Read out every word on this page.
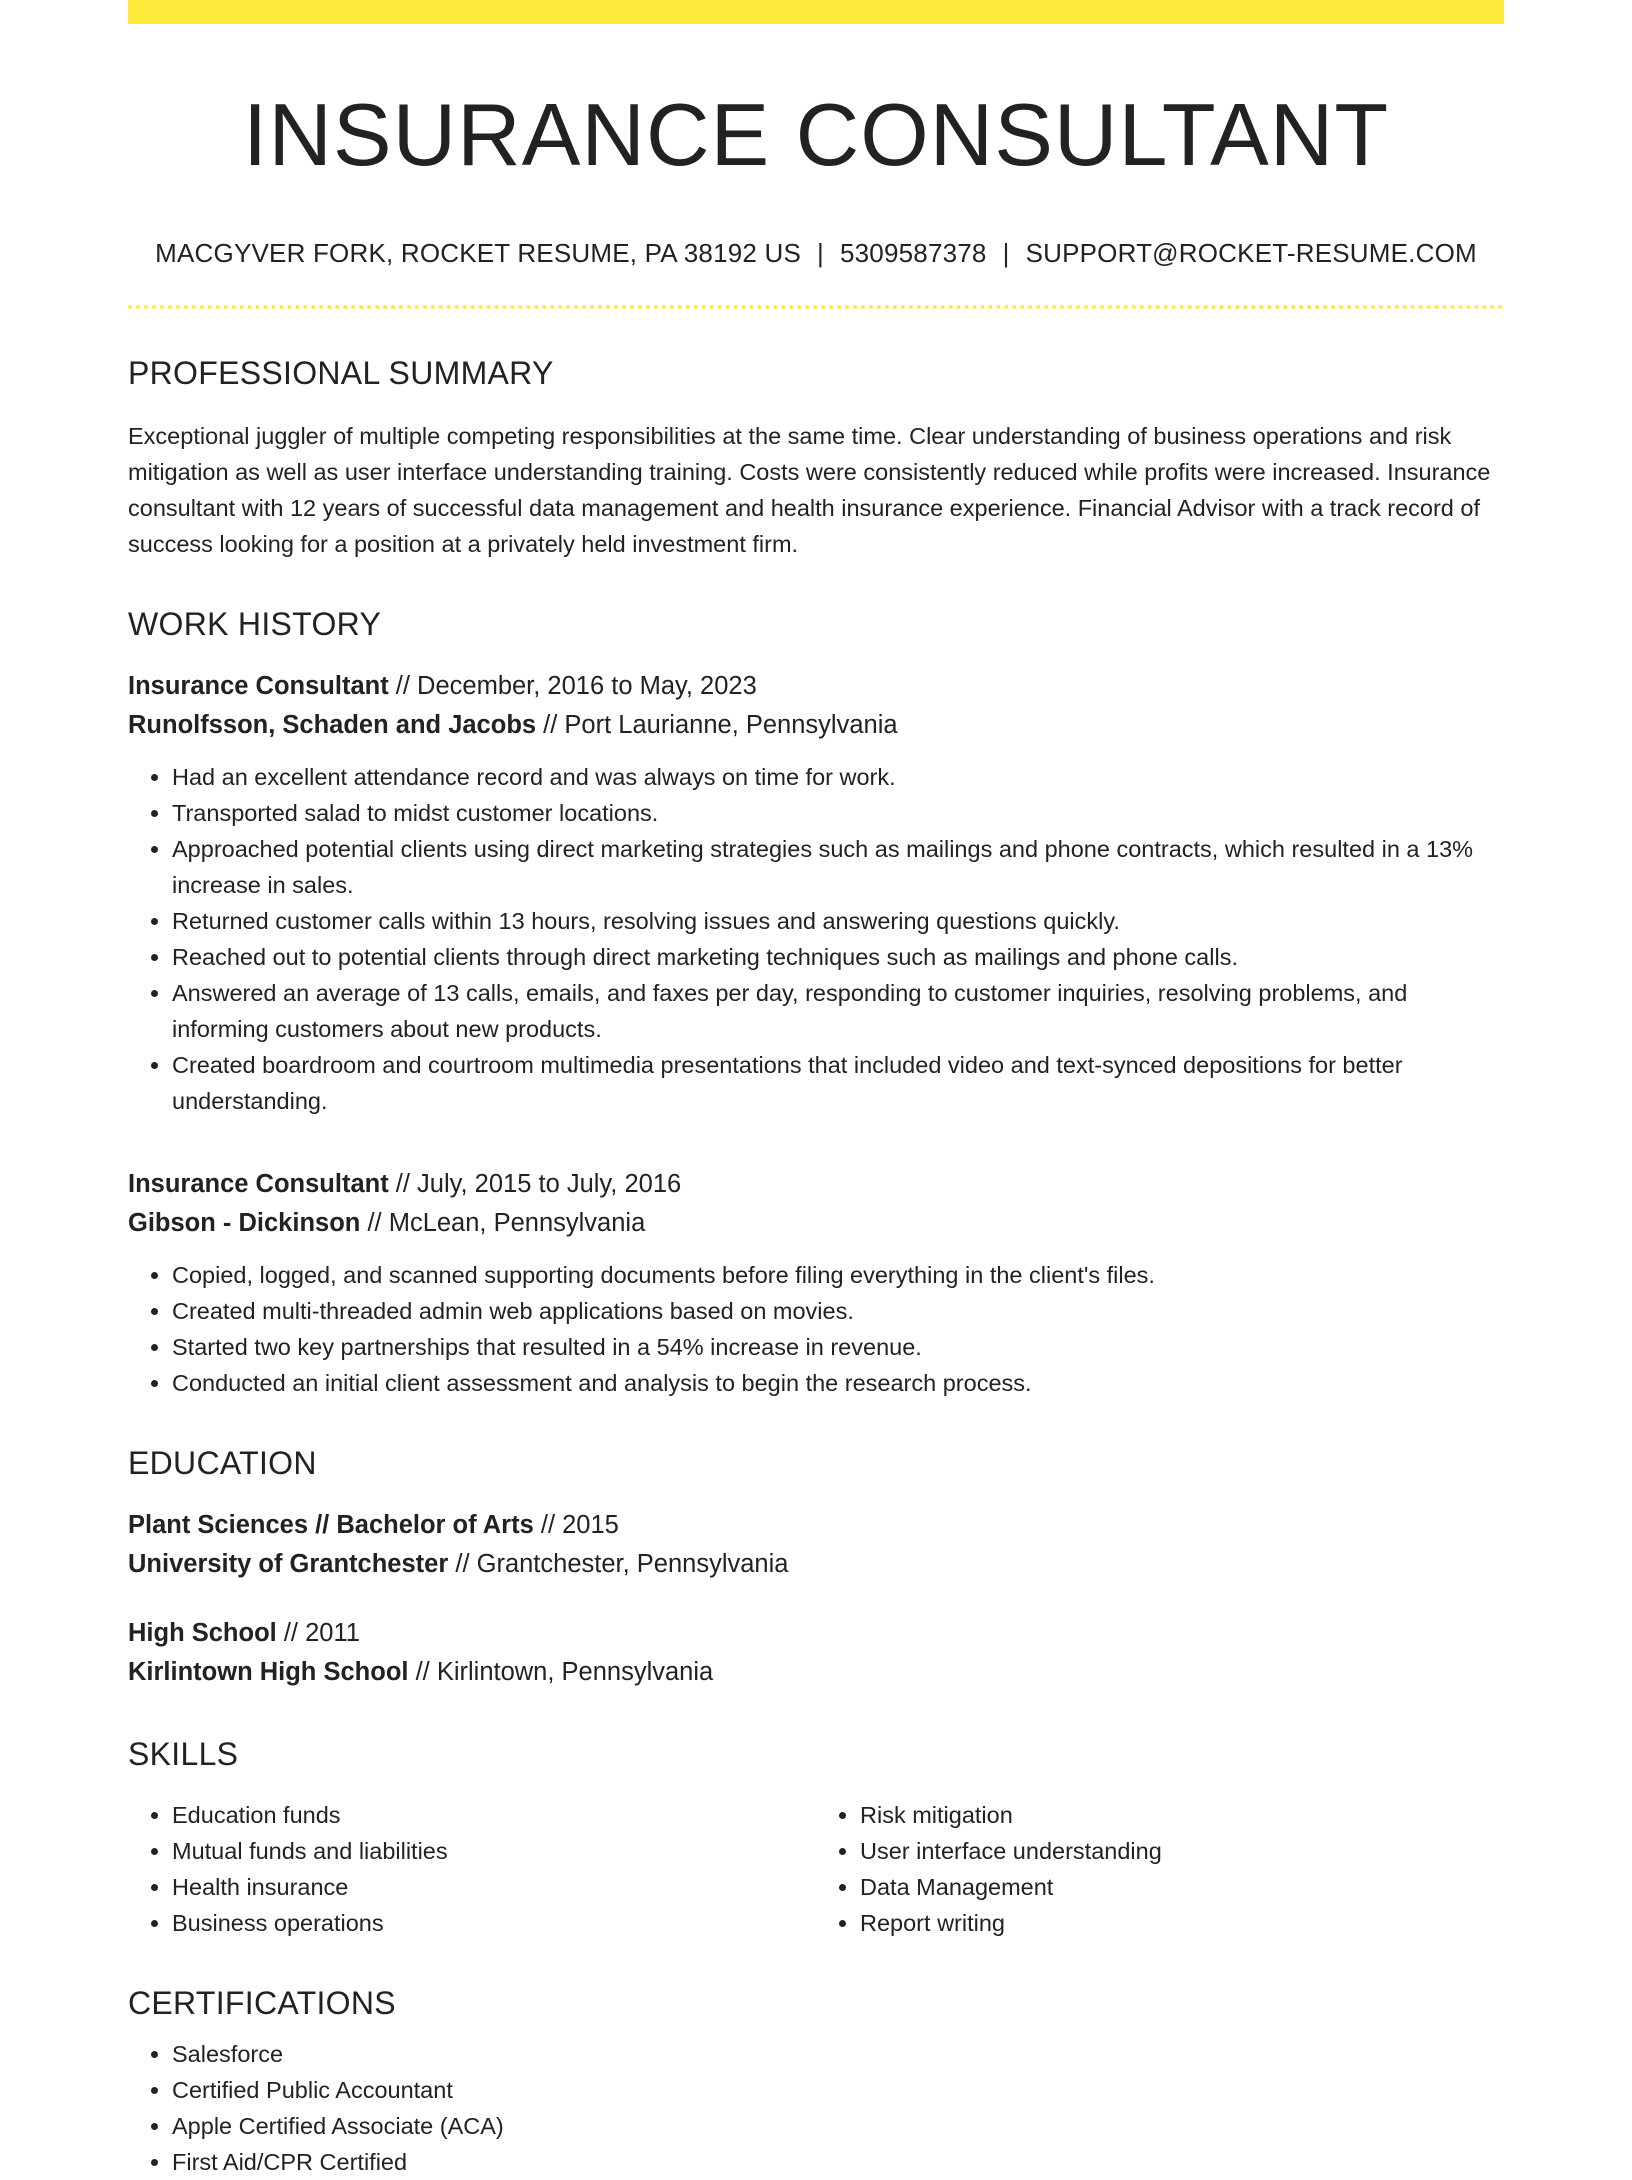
INSURANCE CONSULTANT
MACGYVER FORK, ROCKET RESUME, PA 38192 US | 5309587378 | SUPPORT@ROCKET-RESUME.COM
PROFESSIONAL SUMMARY
Exceptional juggler of multiple competing responsibilities at the same time. Clear understanding of business operations and risk mitigation as well as user interface understanding training. Costs were consistently reduced while profits were increased. Insurance consultant with 12 years of successful data management and health insurance experience. Financial Advisor with a track record of success looking for a position at a privately held investment firm.
WORK HISTORY
Insurance Consultant // December, 2016 to May, 2023
Runolfsson, Schaden and Jacobs // Port Laurianne, Pennsylvania
• Had an excellent attendance record and was always on time for work.
• Transported salad to midst customer locations.
• Approached potential clients using direct marketing strategies such as mailings and phone contracts, which resulted in a 13% increase in sales.
• Returned customer calls within 13 hours, resolving issues and answering questions quickly.
• Reached out to potential clients through direct marketing techniques such as mailings and phone calls.
• Answered an average of 13 calls, emails, and faxes per day, responding to customer inquiries, resolving problems, and informing customers about new products.
• Created boardroom and courtroom multimedia presentations that included video and text-synced depositions for better understanding.
Insurance Consultant // July, 2015 to July, 2016
Gibson - Dickinson // McLean, Pennsylvania
• Copied, logged, and scanned supporting documents before filing everything in the client's files.
• Created multi-threaded admin web applications based on movies.
• Started two key partnerships that resulted in a 54% increase in revenue.
• Conducted an initial client assessment and analysis to begin the research process.
EDUCATION
Plant Sciences // Bachelor of Arts // 2015
University of Grantchester // Grantchester, Pennsylvania
High School // 2011
Kirlintown High School // Kirlintown, Pennsylvania
SKILLS
• Education funds
• Mutual funds and liabilities
• Health insurance
• Business operations
• Risk mitigation
• User interface understanding
• Data Management
• Report writing
CERTIFICATIONS
• Salesforce
• Certified Public Accountant
• Apple Certified Associate (ACA)
• First Aid/CPR Certified
